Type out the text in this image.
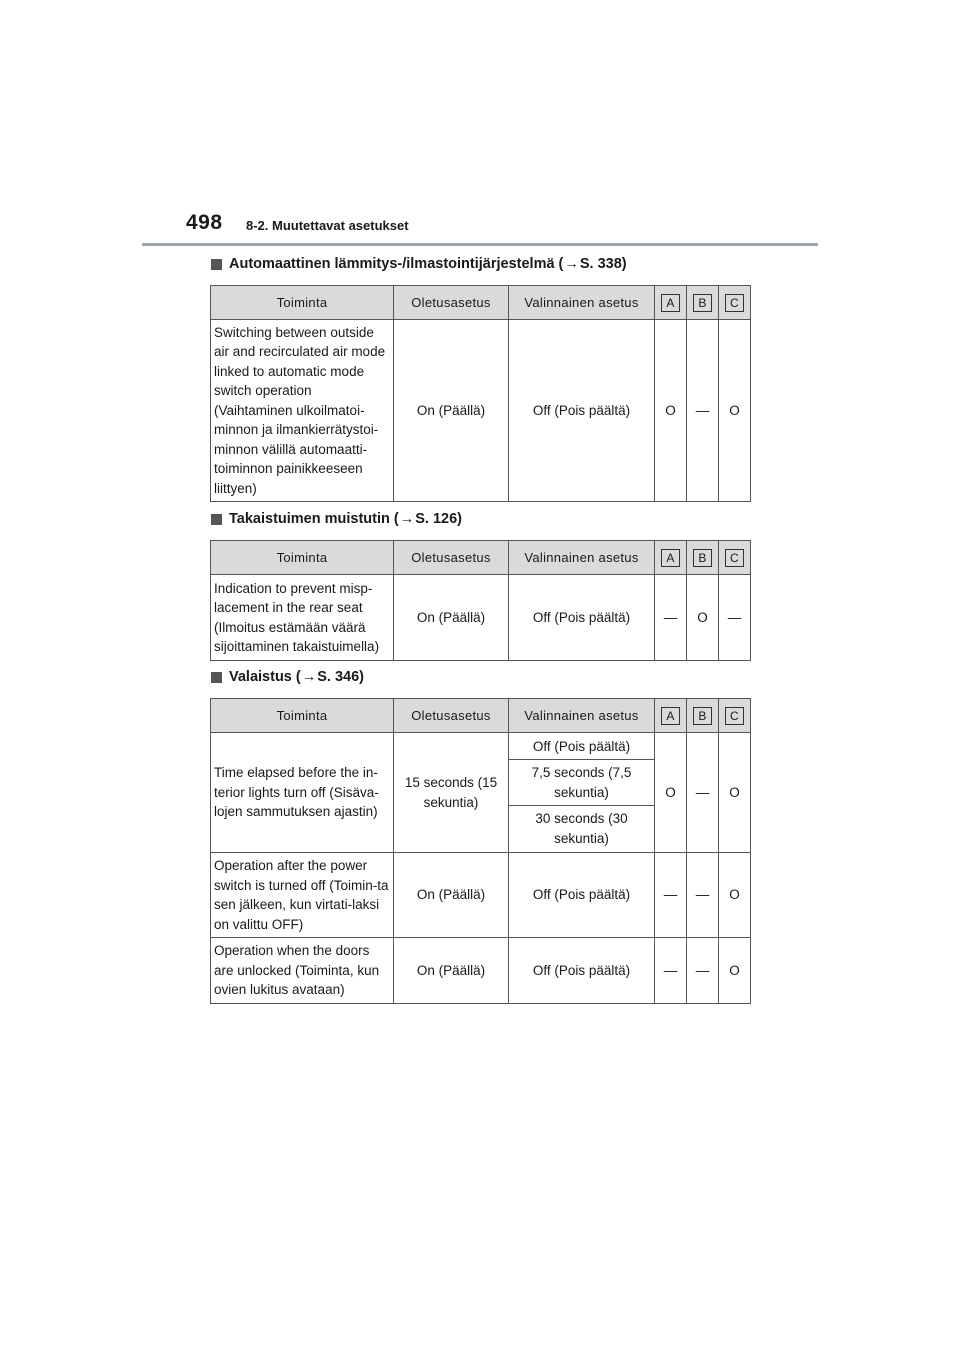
498 8-2. Muutettavat asetukset
Automaattinen lämmitys-/ilmastointijärjestelmä ( → S. 338)
Toiminta	Oletusasetus	Valinnainen asetus	A	B	C
Switching between outside air and recirculated air mode linked to automatic mode switch operation (Vaihtaminen ulkoilmatoi-minnon ja ilmankierrätystoi-minnon välillä automaatti-toiminnon painikkeeseen liittyen)	On (Päällä)	Off (Pois päältä)	O	—	O
Takaistuimen muistutin ( → S. 126)
Toiminta	Oletusasetus	Valinnainen asetus	A	B	C
Indication to prevent misp-lacement in the rear seat (Ilmoitus estämään väärä sijoittaminen takaistuimella)	On (Päällä)	Off (Pois päältä)	—	O	—
Valaistus ( → S. 346)
Toiminta	Oletusasetus	Valinnainen asetus	A	B	C
Time elapsed before the in-terior lights turn off (Sisäva-lojen sammutuksen ajastin)	15 seconds (15 sekuntia)	Off (Pois päältä)
7,5 seconds (7,5 sekuntia)
30 seconds (30 sekuntia)	O	—	O
Operation after the power switch is turned off (Toimin-ta sen jälkeen, kun virtati-laksi on valittu OFF)	On (Päällä)	Off (Pois päältä)	—	—	O
Operation when the doors are unlocked (Toiminta, kun ovien lukitus avataan)	On (Päällä)	Off (Pois päältä)	—	—	O
